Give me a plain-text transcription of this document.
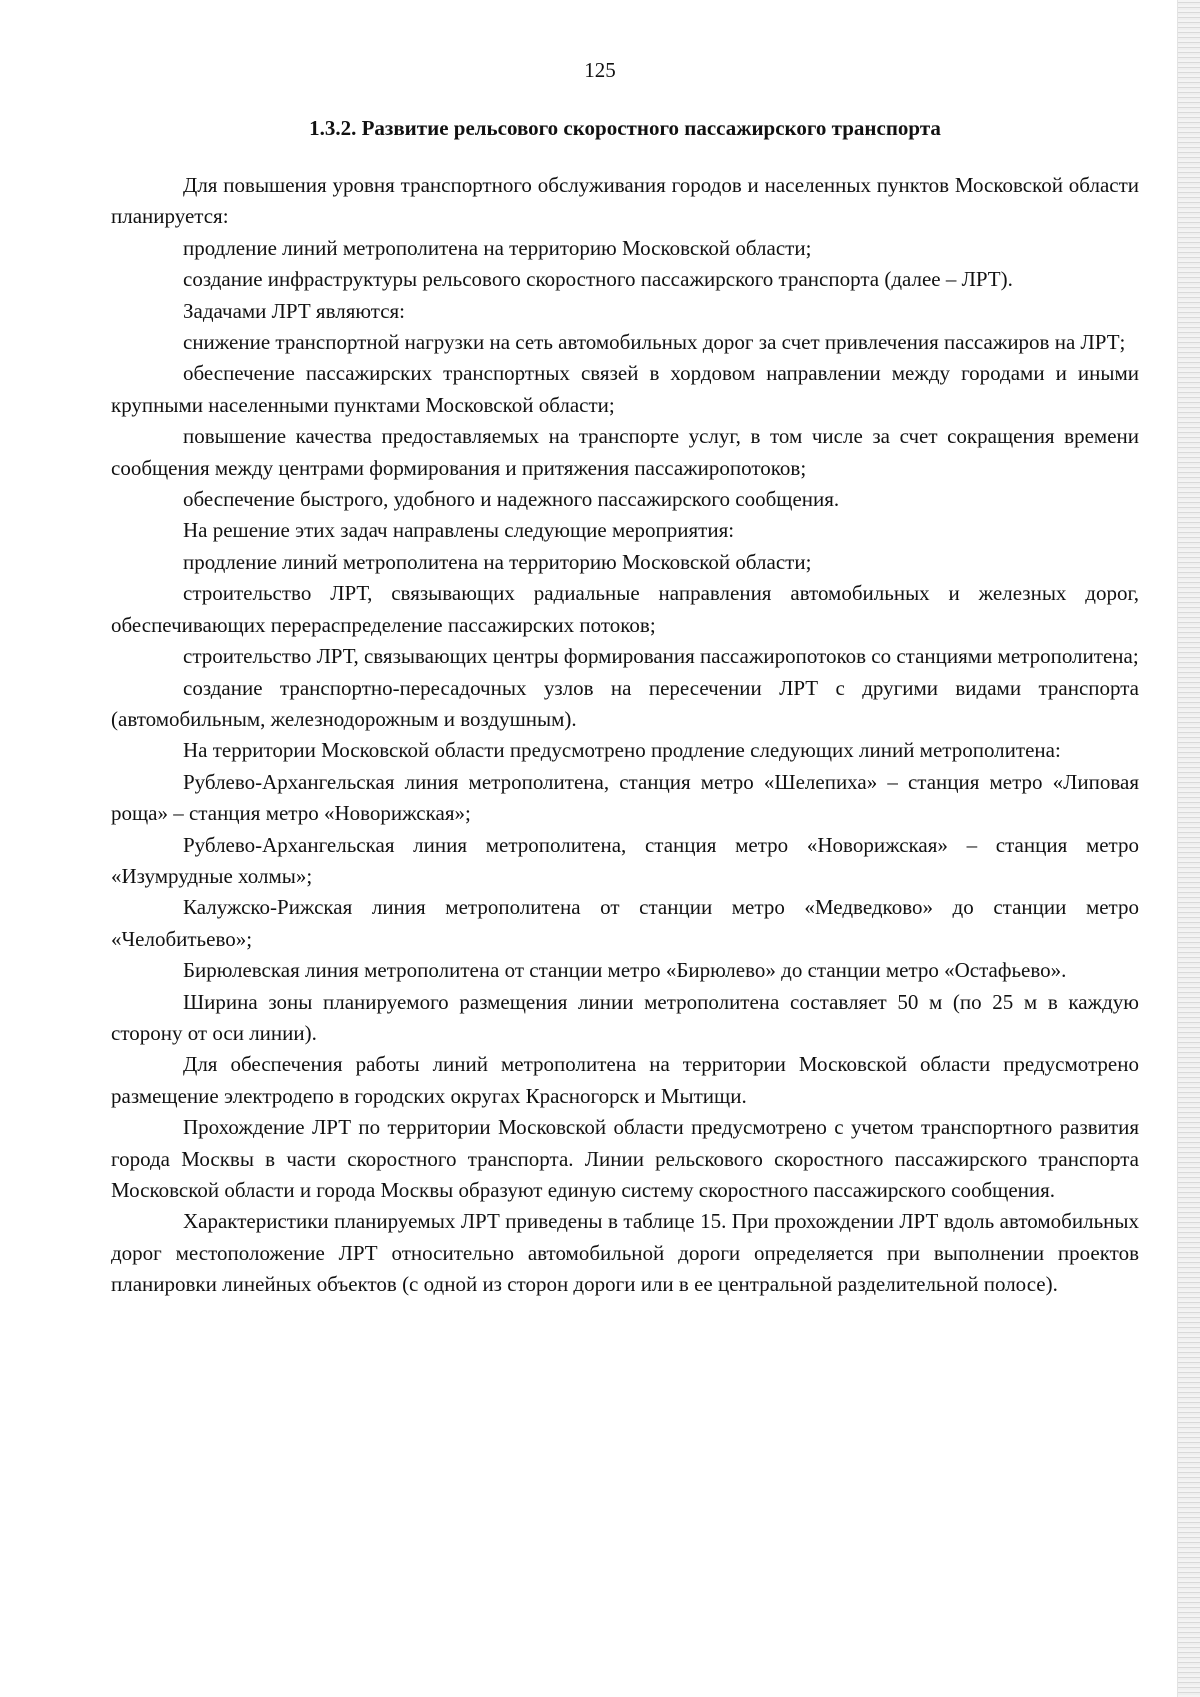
125
1.3.2. Развитие рельсового скоростного пассажирского транспорта

Для повышения уровня транспортного обслуживания городов и населенных пунктов Московской области планируется:

продление линий метрополитена на территорию Московской области;

создание инфраструктуры рельсового скоростного пассажирского транспорта (далее – ЛРТ).

Задачами ЛРТ являются:

снижение транспортной нагрузки на сеть автомобильных дорог за счет привлечения пассажиров на ЛРТ;

обеспечение пассажирских транспортных связей в хордовом направлении между городами и иными крупными населенными пунктами Московской области;

повышение качества предоставляемых на транспорте услуг, в том числе за счет сокращения времени сообщения между центрами формирования и притяжения пассажиропотоков;

обеспечение быстрого, удобного и надежного пассажирского сообщения.

На решение этих задач направлены следующие мероприятия:

продление линий метрополитена на территорию Московской области;

строительство ЛРТ, связывающих радиальные направления автомобильных и железных дорог, обеспечивающих перераспределение пассажирских потоков;

строительство ЛРТ, связывающих центры формирования пассажиропотоков со станциями метрополитена;

создание транспортно-пересадочных узлов на пересечении ЛРТ с другими видами транспорта (автомобильным, железнодорожным и воздушным).

На территории Московской области предусмотрено продление следующих линий метрополитена:

Рублево-Архангельская линия метрополитена, станция метро «Шелепиха» – станция метро «Липовая роща» – станция метро «Новорижская»;

Рублево-Архангельская линия метрополитена, станция метро «Новорижская» – станция метро «Изумрудные холмы»;

Калужско-Рижская линия метрополитена от станции метро «Медведково» до станции метро «Челобитьево»;

Бирюлевская линия метрополитена от станции метро «Бирюлево» до станции метро «Остафьево».

Ширина зоны планируемого размещения линии метрополитена составляет 50 м (по 25 м в каждую сторону от оси линии).

Для обеспечения работы линий метрополитена на территории Московской области предусмотрено размещение электродепо в городских округах Красногорск и Мытищи.

Прохождение ЛРТ по территории Московской области предусмотрено с учетом транспортного развития города Москвы в части скоростного транспорта. Линии рельскового скоростного пассажирского транспорта Московской области и города Москвы образуют единую систему скоростного пассажирского сообщения.

Характеристики планируемых ЛРТ приведены в таблице 15. При прохождении ЛРТ вдоль автомобильных дорог местоположение ЛРТ относительно автомобильной дороги определяется при выполнении проектов планировки линейных объектов (с одной из сторон дороги или в ее центральной разделительной полосе).
